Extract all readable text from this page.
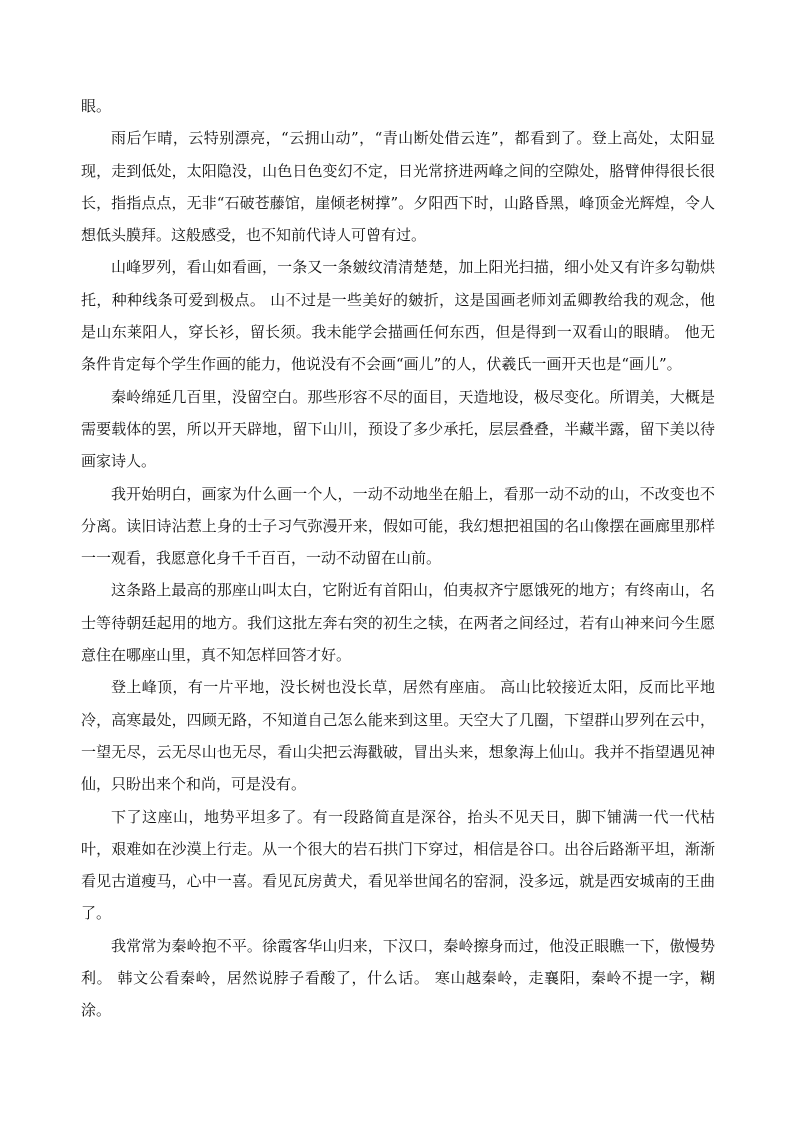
眼。

雨后乍晴，云特别漂亮，“云拥山动”，“青山断处借云连”，都看到了。登上高处，太阳显现，走到低处，太阳隐没，山色日色变幻不定，日光常挤进两峰之间的空隙处，胳臂伸得很长很长，指指点点，无非“石破苍藤馆，崖倾老树撑”。夕阳西下时，山路昏黑，峰顶金光辉煌，令人想低头膜拜。这般感受，也不知前代诗人可曾有过。

山峰罗列，看山如看画，一条又一条皴纹清清楚楚，加上阳光扫描，细小处又有许多勾勒烘托，种种线条可爱到极点。 山不过是一些美好的皴折，这是国画老师刘孟卿教给我的观念，他是山东莱阳人，穿长衫，留长须。我未能学会描画任何东西，但是得到一双看山的眼睛。 他无条件肯定每个学生作画的能力，他说没有不会画“画儿”的人，伏羲氏一画开天也是“画儿”。

秦岭绵延几百里，没留空白。那些形容不尽的面目，天造地设，极尽变化。所谓美，大概是需要载体的罢，所以开天辟地，留下山川，预设了多少承托，层层叠叠，半藏半露，留下美以待画家诗人。

我开始明白，画家为什么画一个人，一动不动地坐在船上，看那一动不动的山，不改变也不分离。读旧诗沾惹上身的士子习气弥漫开来，假如可能，我幻想把祖国的名山像摆在画廊里那样一一观看，我愿意化身千千百百，一动不动留在山前。

这条路上最高的那座山叫太白，它附近有首阳山，伯夷叔齐宁愿饿死的地方；有终南山，名士等待朝廷起用的地方。我们这批左奔右突的初生之犊，在两者之间经过，若有山神来问今生愿意住在哪座山里，真不知怎样回答才好。

登上峰顶，有一片平地，没长树也没长草，居然有座庙。 高山比较接近太阳，反而比平地冷，高寒最处，四顾无路，不知道自己怎么能来到这里。天空大了几圈，下望群山罗列在云中，一望无尽，云无尽山也无尽，看山尖把云海戳破，冒出头来，想象海上仙山。我并不指望遇见神仙，只盼出来个和尚，可是没有。

下了这座山，地势平坦多了。有一段路简直是深谷，抬头不见天日，脚下铺满一代一代枯叶，艰难如在沙漠上行走。从一个很大的岩石拱门下穿过，相信是谷口。出谷后路渐平坦，渐渐看见古道瘦马，心中一喜。看见瓦房黄犬，看见举世闻名的窑洞，没多远，就是西安城南的王曲了。

我常常为秦岭抱不平。徐霞客华山归来，下汉口，秦岭擦身而过，他没正眼瞧一下，傲慢势利。 韩文公看秦岭，居然说脖子看酸了，什么话。 寒山越秦岭，走襄阳，秦岭不提一字，糊涂。
